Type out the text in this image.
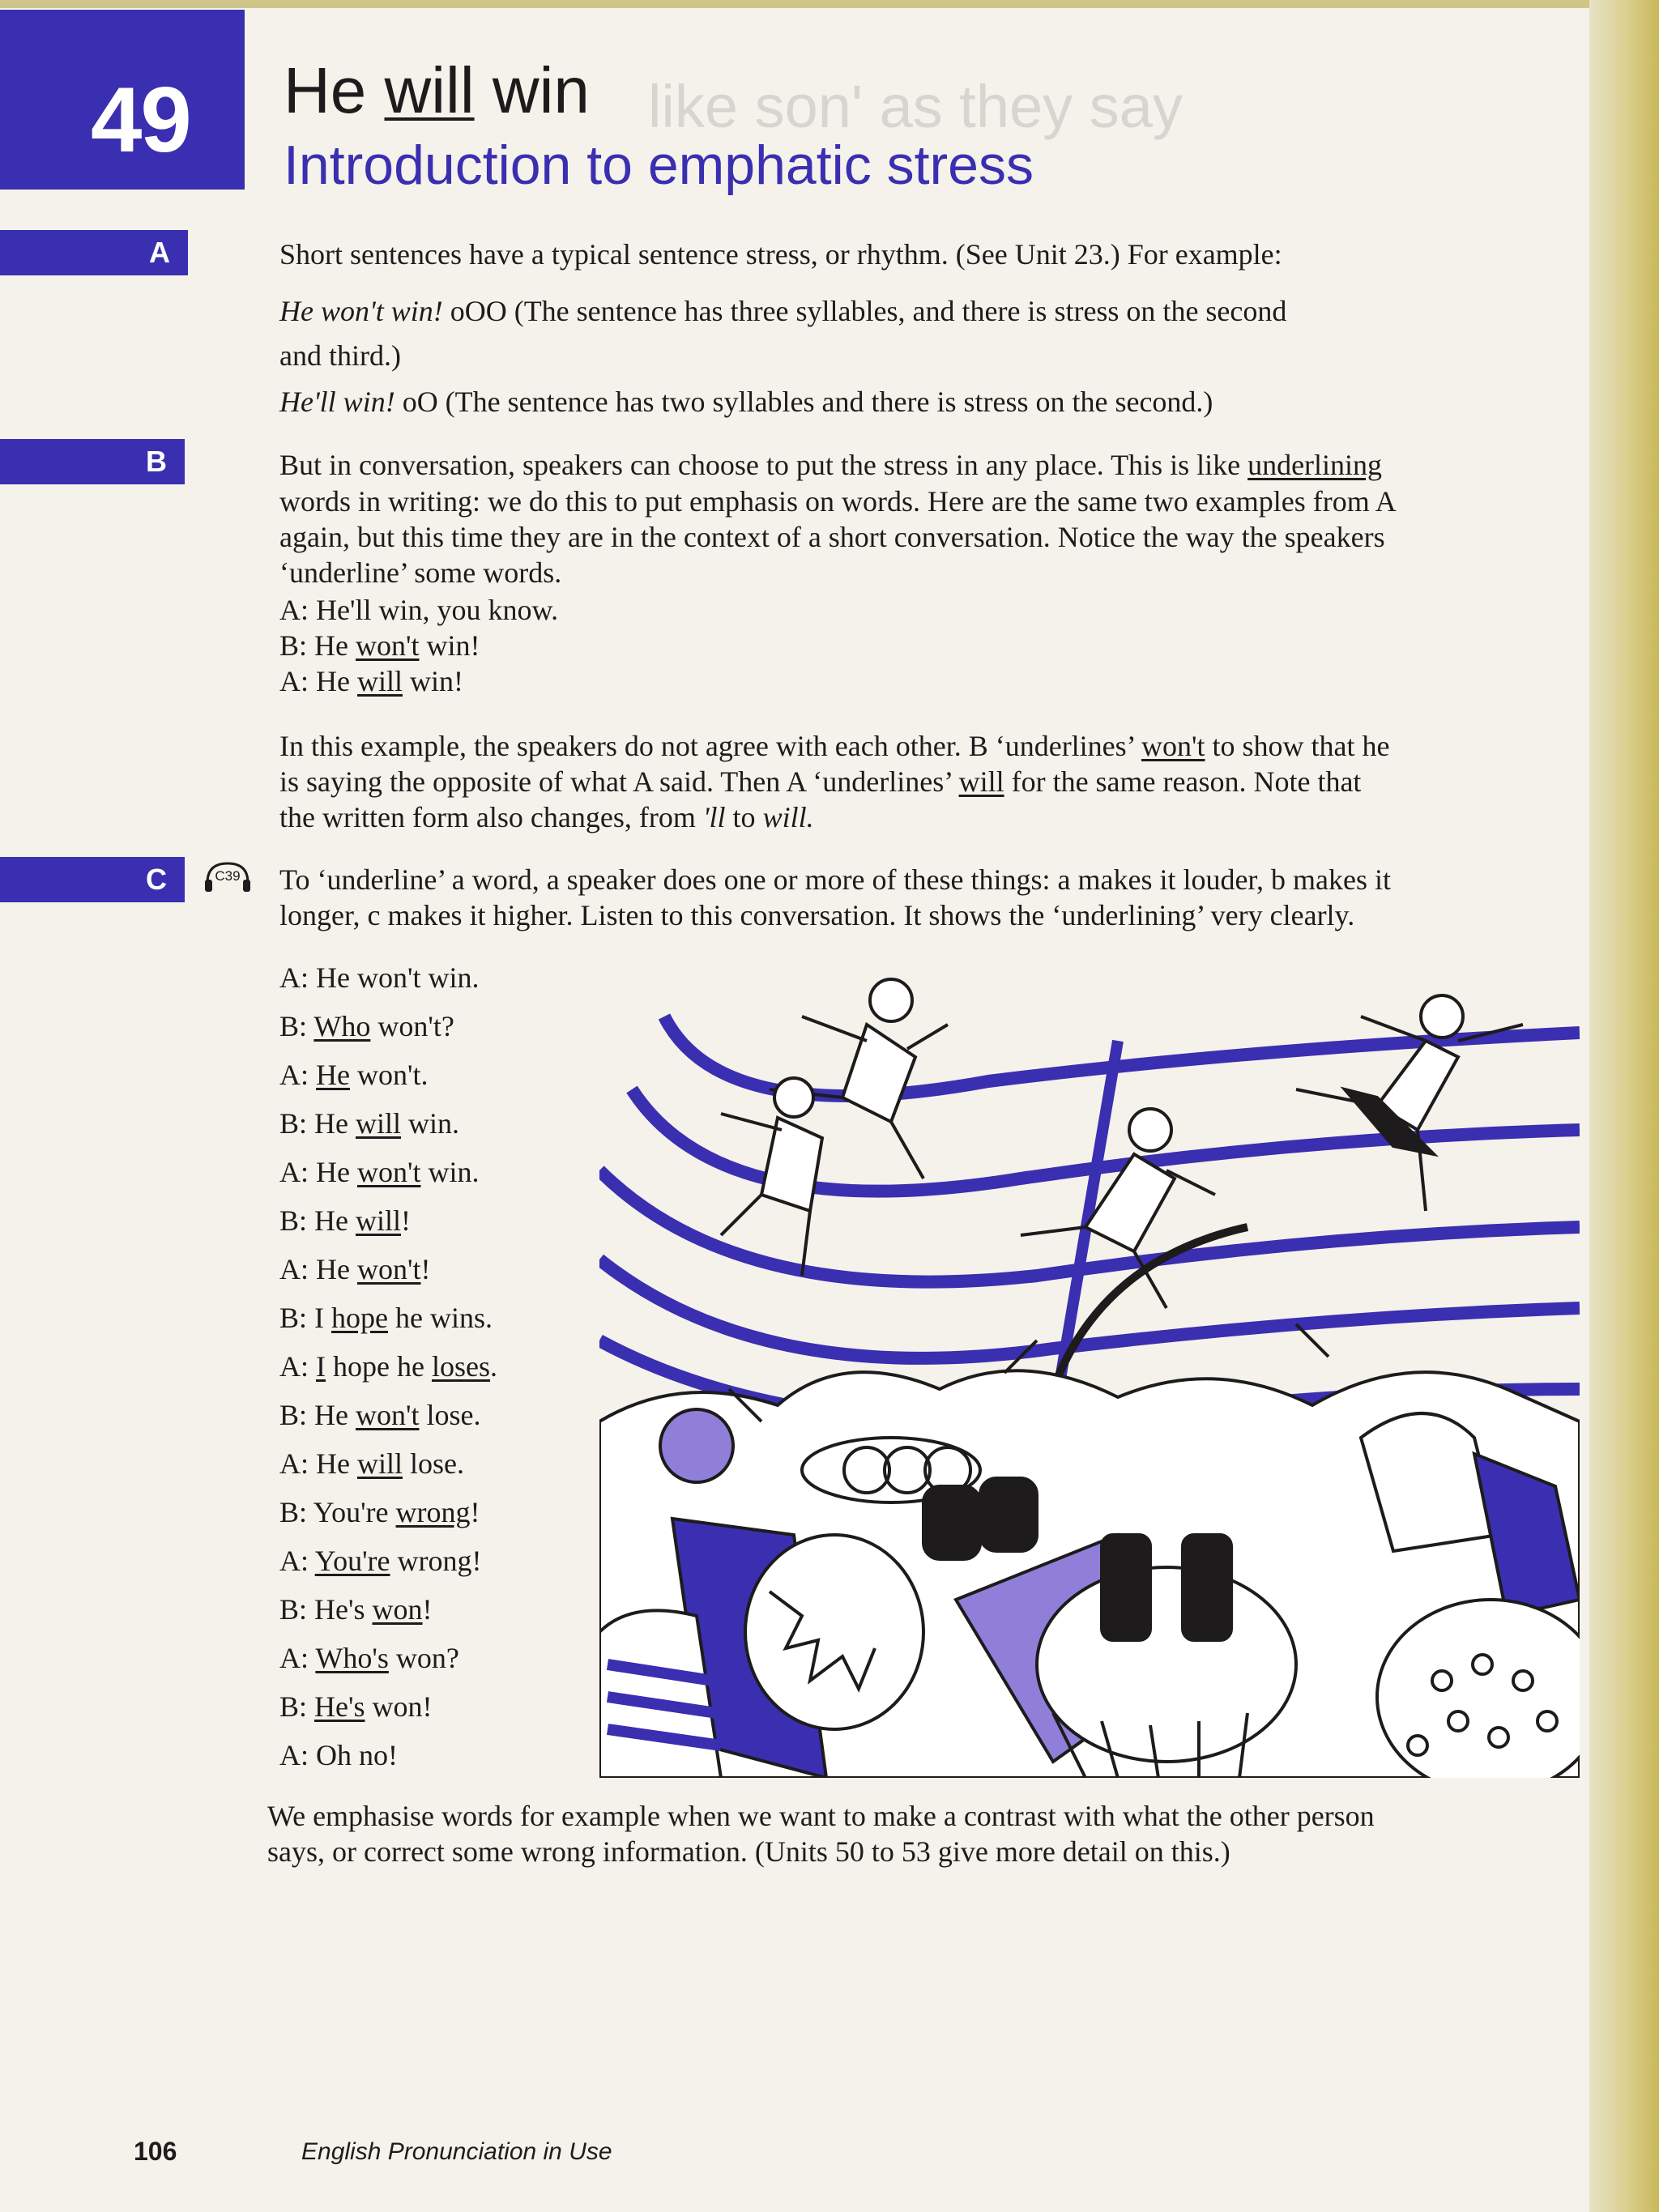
49	like son' as they say
He will win
Introduction to emphatic stress
A	Short sentences have a typical sentence stress, or rhythm. (See Unit 23.) For example:
He won't win! oOO (The sentence has three syllables, and there is stress on the second
and third.)
He'll win! oO (The sentence has two syllables and there is stress on the second.)
B	But in conversation, speakers can choose to put the stress in any place. This is like underlining
words in writing: we do this to put emphasis on words. Here are the same two examples from A
again, but this time they are in the context of a short conversation. Notice the way the speakers
‘underline’ some words.
A: He'll win, you know.
B: He won't win!
A: He will win!
In this example, the speakers do not agree with each other. B ‘underlines’ won't to show that he
is saying the opposite of what A said. Then A ‘underlines’ will for the same reason. Note that
the written form also changes, from 'll to will.
C	C39 To ‘underline’ a word, a speaker does one or more of these things: a makes it louder, b makes it
longer, c makes it higher. Listen to this conversation. It shows the ‘underlining’ very clearly.
A: He won't win.
B: Who won't?
A: He won't.
B: He will win.
A: He won't win.
B: He will!
A: He won't!
B: I hope he wins.
A: I hope he loses.
B: He won't lose.
A: He will lose.
B: You're wrong!
A: You're wrong!
B: He's won!
A: Who's won?
B: He's won!
A: Oh no!
We emphasise words for example when we want to make a contrast with what the other person
says, or correct some wrong information. (Units 50 to 53 give more detail on this.)
106	English Pronunciation in Use
